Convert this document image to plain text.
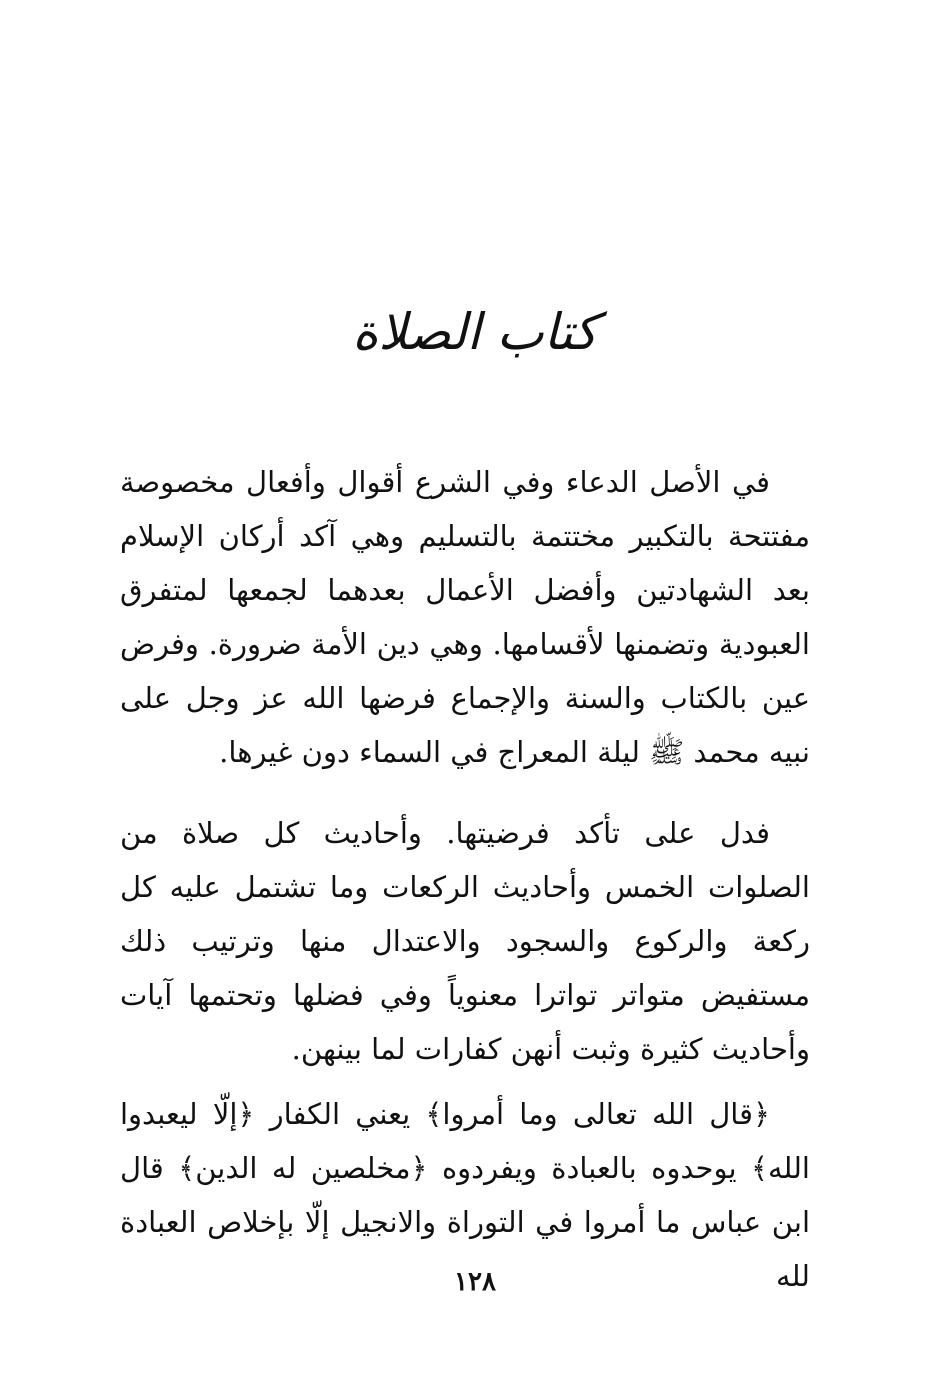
كتاب الصلاة

في الأصل الدعاء وفي الشرع أقوال وأفعال مخصوصة مفتتحة بالتكبير مختتمة بالتسليم وهي آكد أركان الإسلام بعد الشهادتين وأفضل الأعمال بعدهما لجمعها لمتفرق العبودية وتضمنها لأقسامها. وهي دين الأمة ضرورة. وفرض عين بالكتاب والسنة والإجماع فرضها الله عز وجل على نبيه محمد ﷺ ليلة المعراج في السماء دون غيرها.

فدل على تأكد فرضيتها. وأحاديث كل صلاة من الصلوات الخمس وأحاديث الركعات وما تشتمل عليه كل ركعة والركوع والسجود والاعتدال منها وترتيب ذلك مستفيض متواتر تواترا معنوياً وفي فضلها وتحتمها آيات وأحاديث كثيرة وثبت أنهن كفارات لما بينهن.

﴿قال الله تعالى وما أمروا﴾ يعني الكفار ﴿إلّا ليعبدوا الله﴾ يوحدوه بالعبادة ويفردوه ﴿مخلصين له الدين﴾ قال ابن عباس ما أمروا في التوراة والانجيل إلّا بإخلاص العبادة لله

١٢٨
